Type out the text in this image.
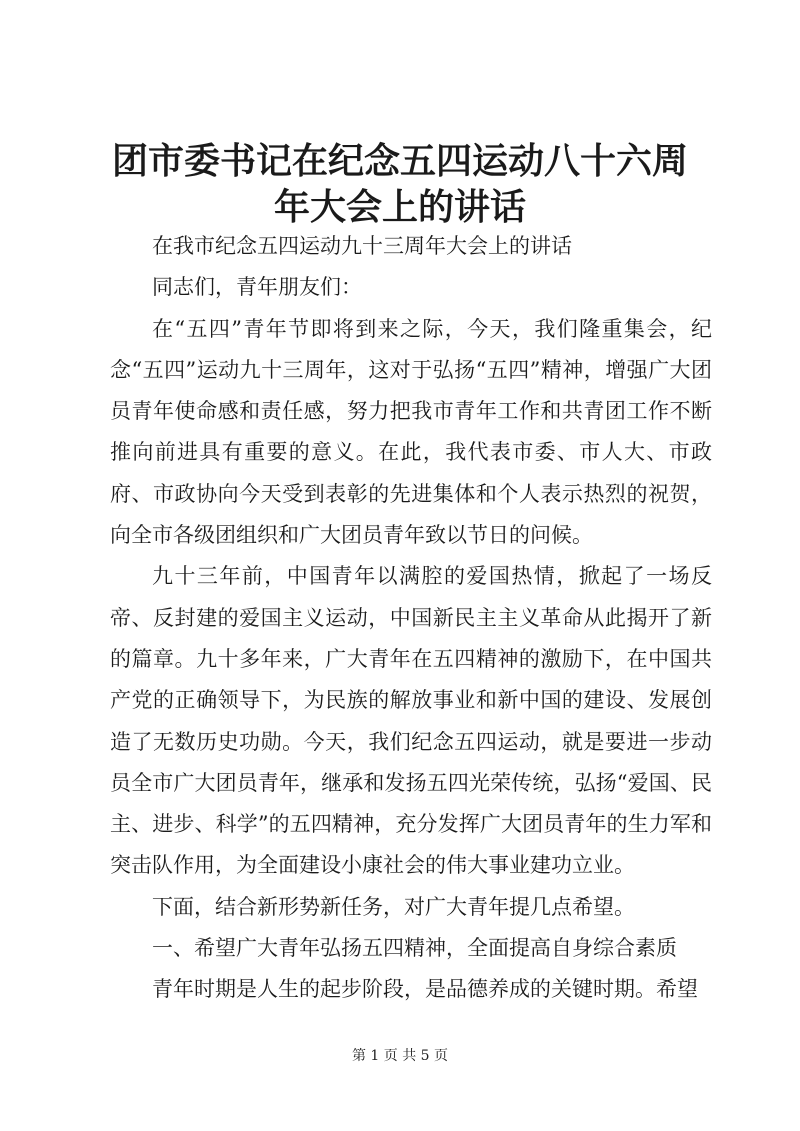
团市委书记在纪念五四运动八十六周年大会上的讲话

在我市纪念五四运动九十三周年大会上的讲话

同志们，青年朋友们：

在“五四”青年节即将到来之际，今天，我们隆重集会，纪念“五四”运动九十三周年，这对于弘扬“五四”精神，增强广大团员青年使命感和责任感，努力把我市青年工作和共青团工作不断推向前进具有重要的意义。在此，我代表市委、市人大、市政府、市政协向今天受到表彰的先进集体和个人表示热烈的祝贺，向全市各级团组织和广大团员青年致以节日的问候。

九十三年前，中国青年以满腔的爱国热情，掀起了一场反帝、反封建的爱国主义运动，中国新民主主义革命从此揭开了新的篇章。九十多年来，广大青年在五四精神的激励下，在中国共产党的正确领导下，为民族的解放事业和新中国的建设、发展创造了无数历史功勋。今天，我们纪念五四运动，就是要进一步动员全市广大团员青年，继承和发扬五四光荣传统，弘扬“爱国、民主、进步、科学”的五四精神，充分发挥广大团员青年的生力军和突击队作用，为全面建设小康社会的伟大事业建功立业。

下面，结合新形势新任务，对广大青年提几点希望。

一、希望广大青年弘扬五四精神，全面提高自身综合素质

青年时期是人生的起步阶段，是品德养成的关键时期。希望

第 1 页 共 5 页
